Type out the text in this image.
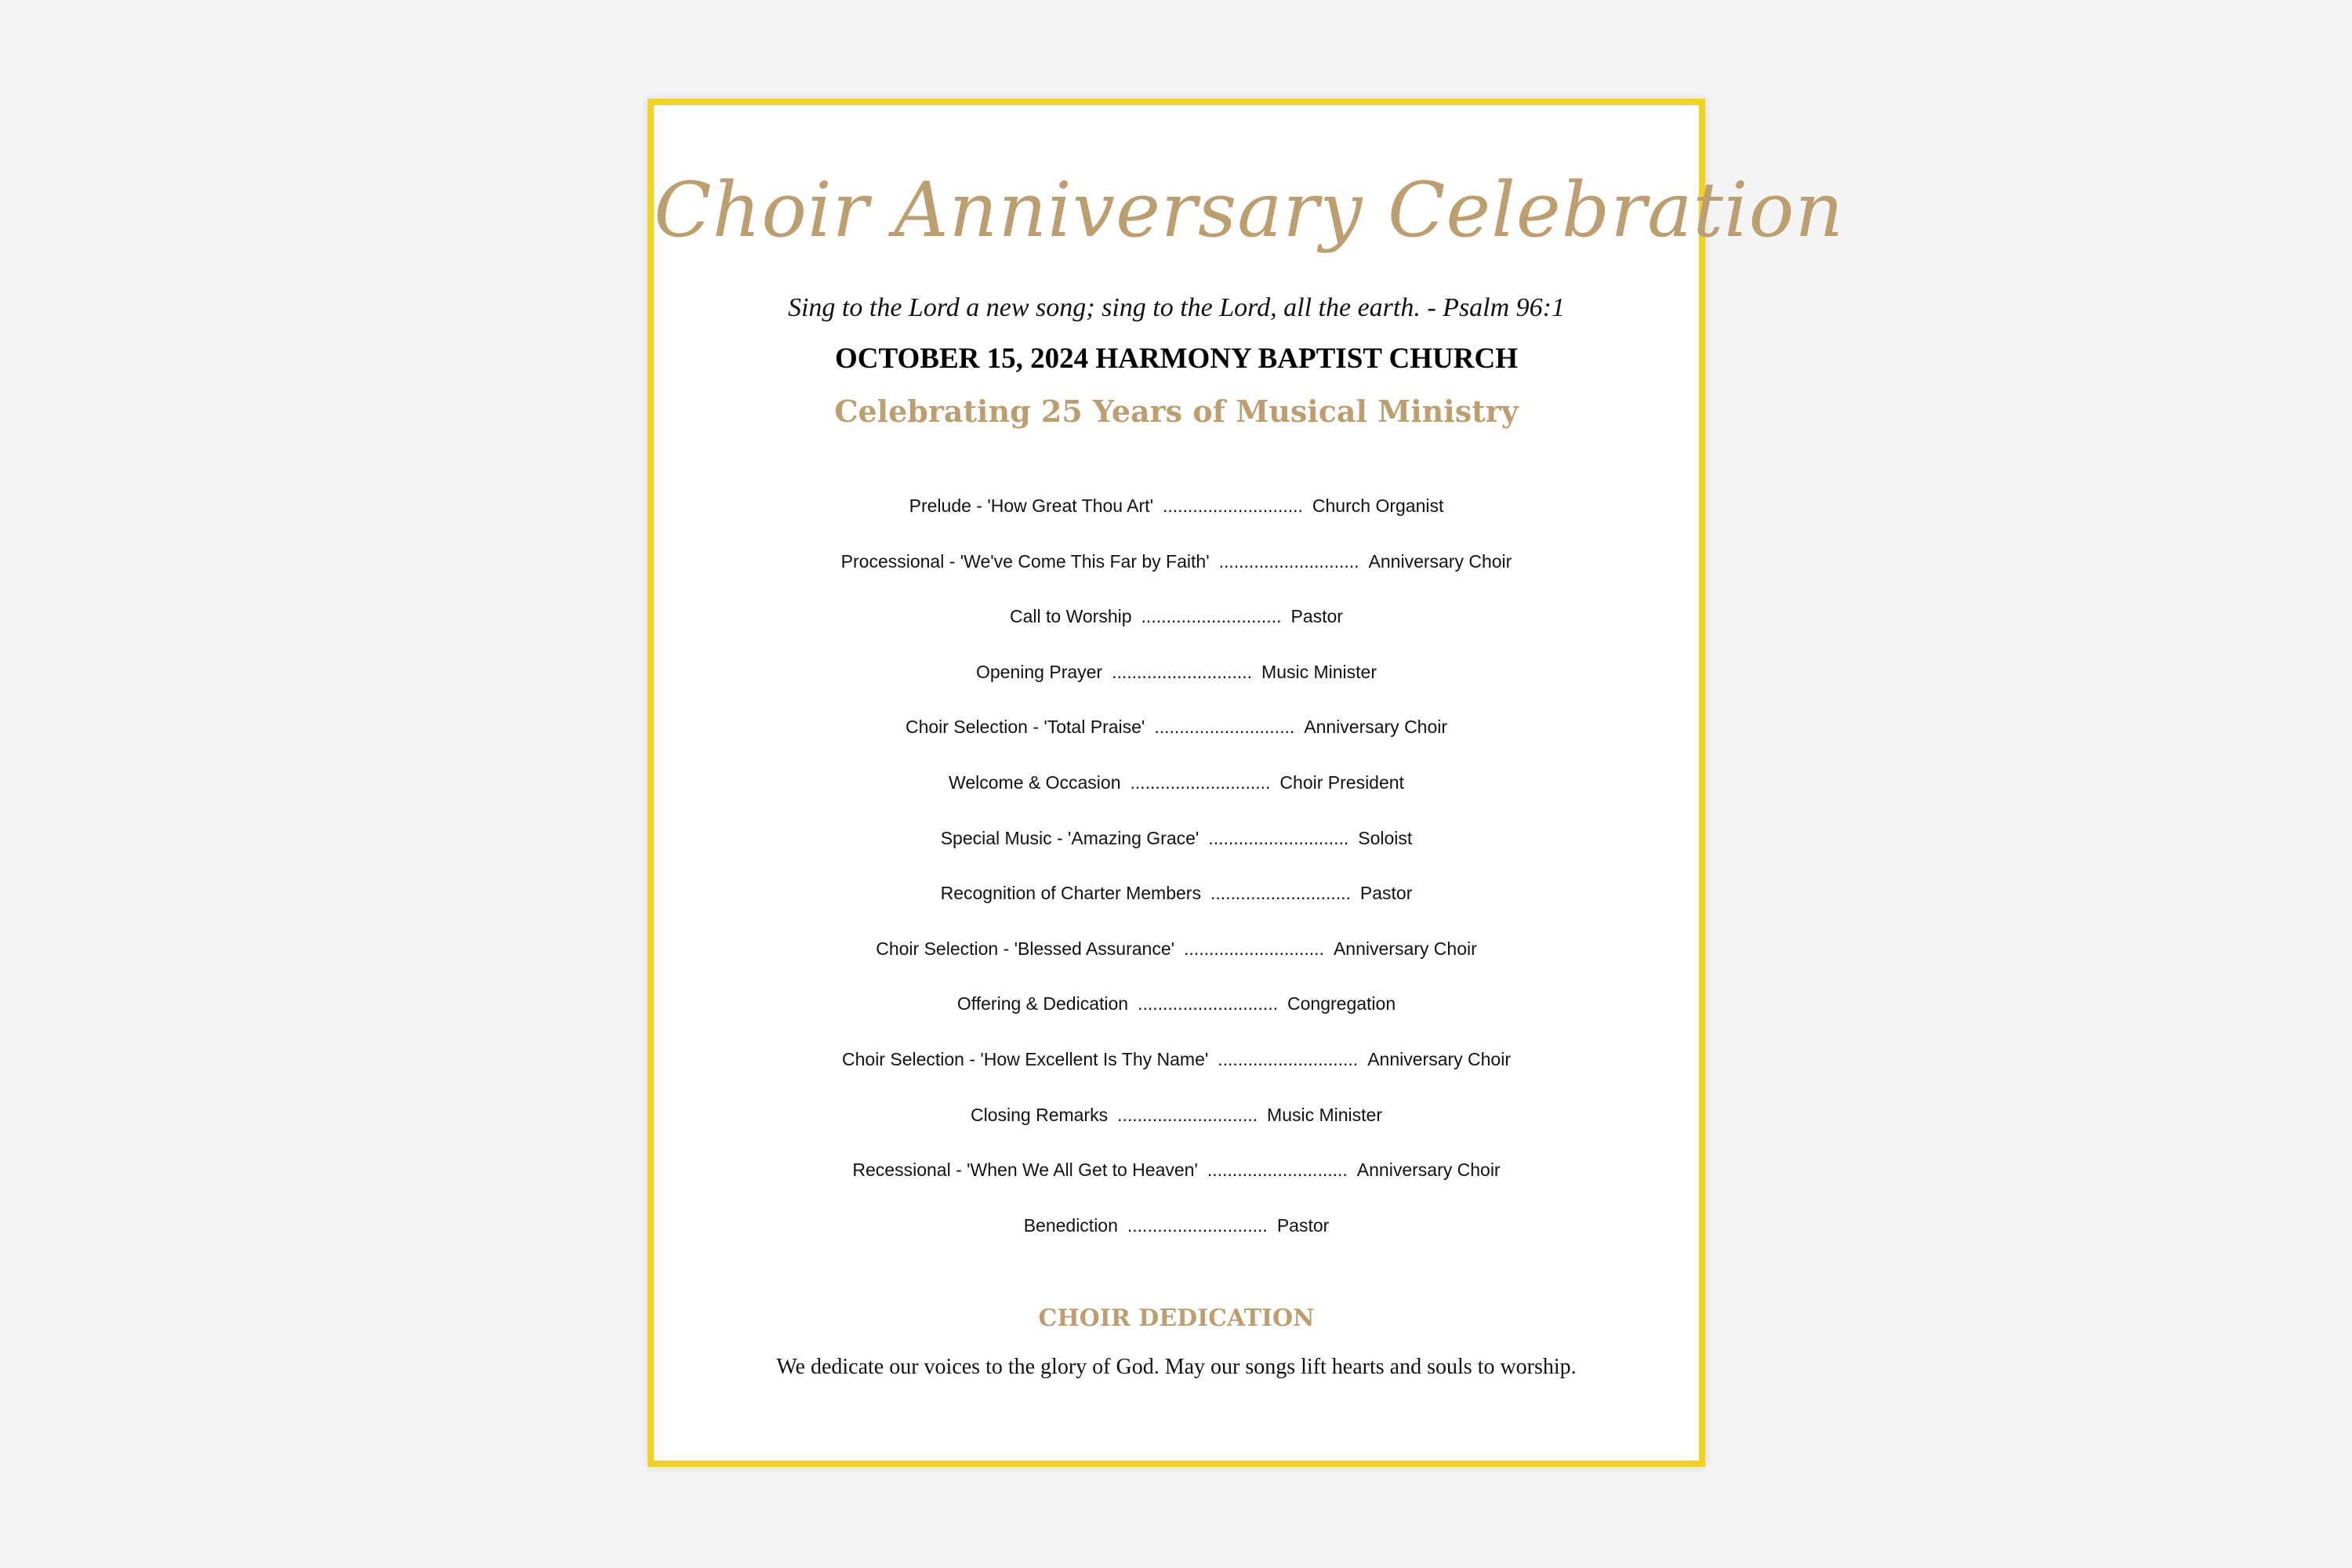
Choir Anniversary Celebration
Sing to the Lord a new song; sing to the Lord, all the earth. - Psalm 96:1
OCTOBER 15, 2024 HARMONY BAPTIST CHURCH
Celebrating 25 Years of Musical Ministry
Prelude - 'How Great Thou Art' ............................ Church Organist
Processional - 'We've Come This Far by Faith' ............................ Anniversary Choir
Call to Worship ............................ Pastor
Opening Prayer ............................ Music Minister
Choir Selection - 'Total Praise' ............................ Anniversary Choir
Welcome & Occasion ............................ Choir President
Special Music - 'Amazing Grace' ............................ Soloist
Recognition of Charter Members ............................ Pastor
Choir Selection - 'Blessed Assurance' ............................ Anniversary Choir
Offering & Dedication ............................ Congregation
Choir Selection - 'How Excellent Is Thy Name' ............................ Anniversary Choir
Closing Remarks ............................ Music Minister
Recessional - 'When We All Get to Heaven' ............................ Anniversary Choir
Benediction ............................ Pastor
CHOIR DEDICATION
We dedicate our voices to the glory of God. May our songs lift hearts and souls to worship.
